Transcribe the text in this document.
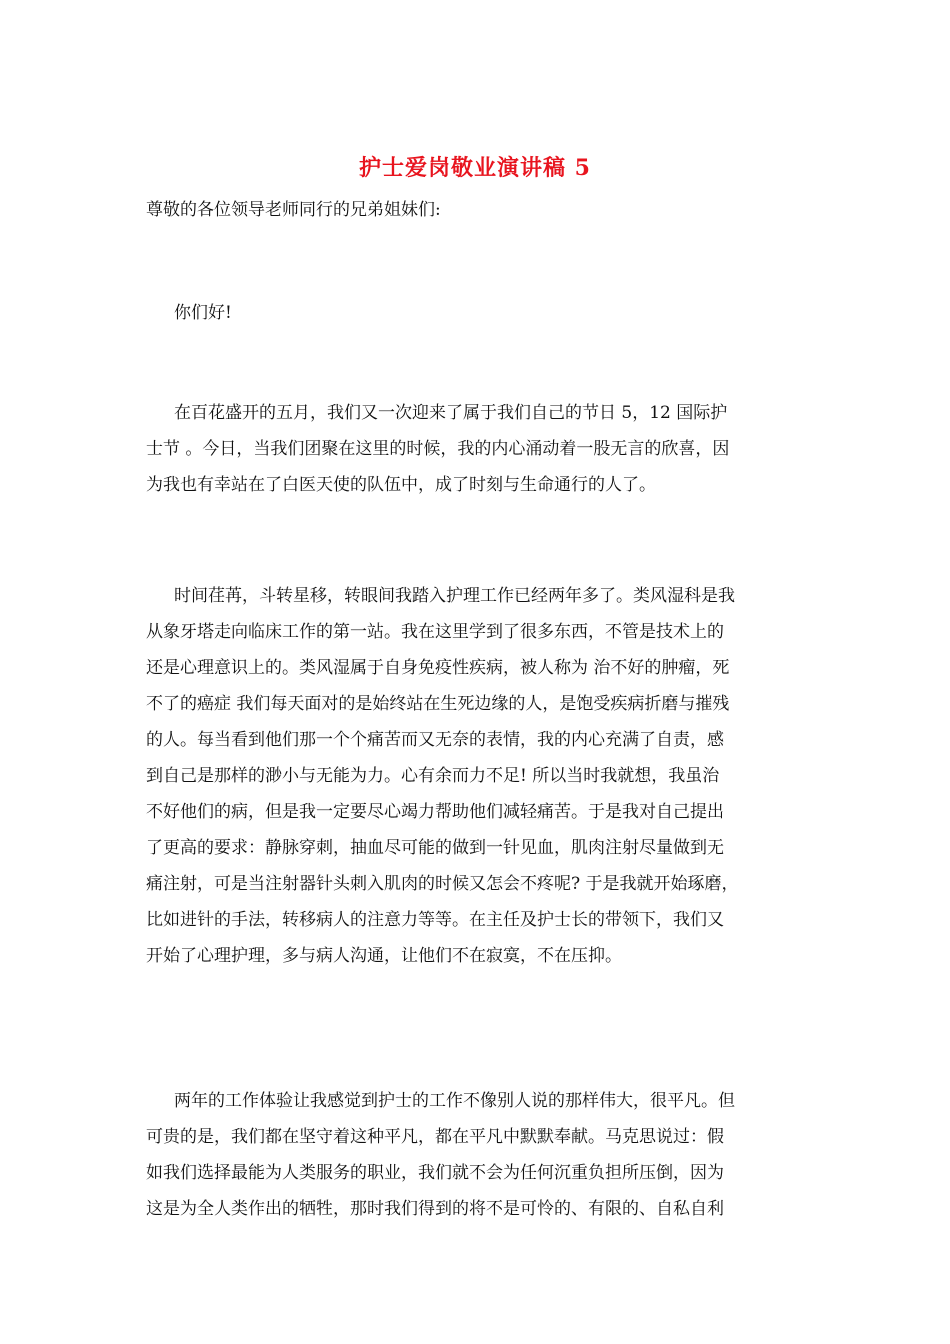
护士爱岗敬业演讲稿 5
尊敬的各位领导老师同行的兄弟姐妹们:
你们好!
在百花盛开的五月，我们又一次迎来了属于我们自己的节日 5，12 国际护
士节 。今日，当我们团聚在这里的时候，我的内心涌动着一股无言的欣喜，因
为我也有幸站在了白医天使的队伍中，成了时刻与生命通行的人了。
时间荏苒，斗转星移，转眼间我踏入护理工作已经两年多了。类风湿科是我
从象牙塔走向临床工作的第一站。我在这里学到了很多东西，不管是技术上的
还是心理意识上的。类风湿属于自身免疫性疾病，被人称为 治不好的肿瘤，死
不了的癌症 我们每天面对的是始终站在生死边缘的人，是饱受疾病折磨与摧残
的人。每当看到他们那一个个痛苦而又无奈的表情，我的内心充满了自责，感
到自己是那样的渺小与无能为力。心有余而力不足! 所以当时我就想，我虽治
不好他们的病，但是我一定要尽心竭力帮助他们减轻痛苦。于是我对自己提出
了更高的要求：静脉穿刺，抽血尽可能的做到一针见血，肌肉注射尽量做到无
痛注射，可是当注射器针头刺入肌肉的时候又怎会不疼呢? 于是我就开始琢磨，
比如进针的手法，转移病人的注意力等等。在主任及护士长的带领下，我们又
开始了心理护理，多与病人沟通，让他们不在寂寞，不在压抑。
两年的工作体验让我感觉到护士的工作不像别人说的那样伟大，很平凡。但
可贵的是，我们都在坚守着这种平凡，都在平凡中默默奉献。马克思说过：假
如我们选择最能为人类服务的职业，我们就不会为任何沉重负担所压倒，因为
这是为全人类作出的牺牲，那时我们得到的将不是可怜的、有限的、自私自利
